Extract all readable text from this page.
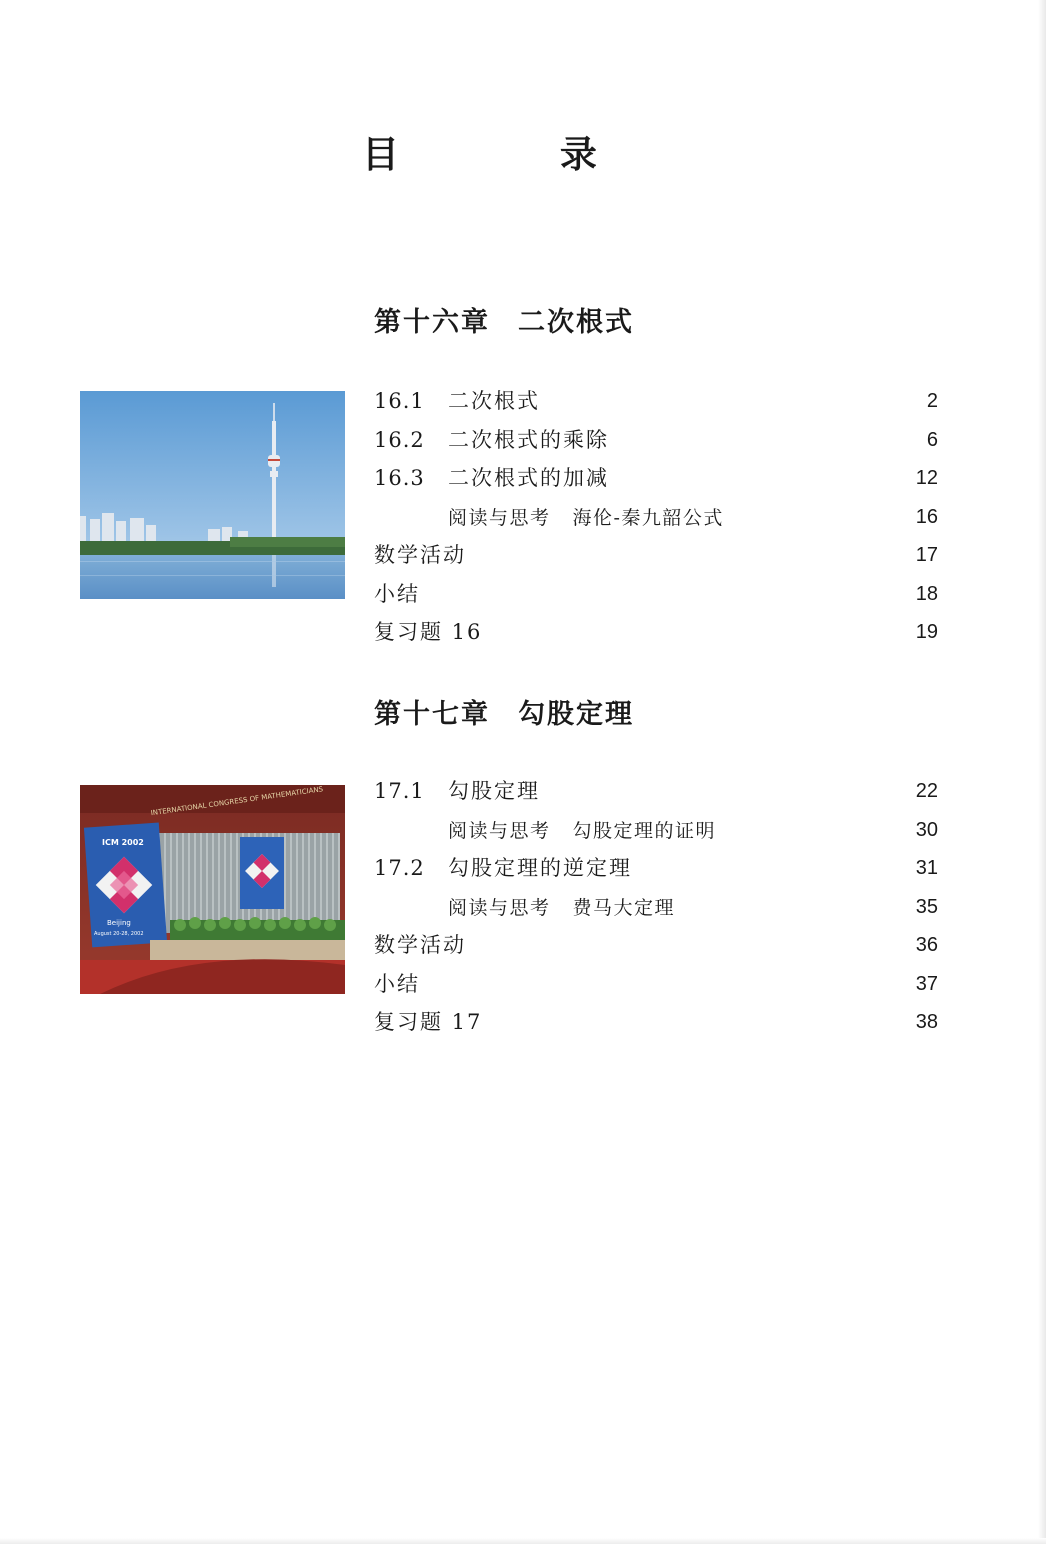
目 录
第十六章 二次根式
16.1 二次根式	2
16.2 二次根式的乘除	6
16.3 二次根式的加减	12
阅读与思考 海伦-秦九韶公式	16
数学活动	17
小结	18
复习题 16	19
第十七章 勾股定理
INTERNATIONAL CONGRESS OF MATHEMATICIANS
ICM 2002
Beijing
August 20-28, 2002
17.1 勾股定理	22
阅读与思考 勾股定理的证明	30
17.2 勾股定理的逆定理	31
阅读与思考 费马大定理	35
数学活动	36
小结	37
复习题 17	38
